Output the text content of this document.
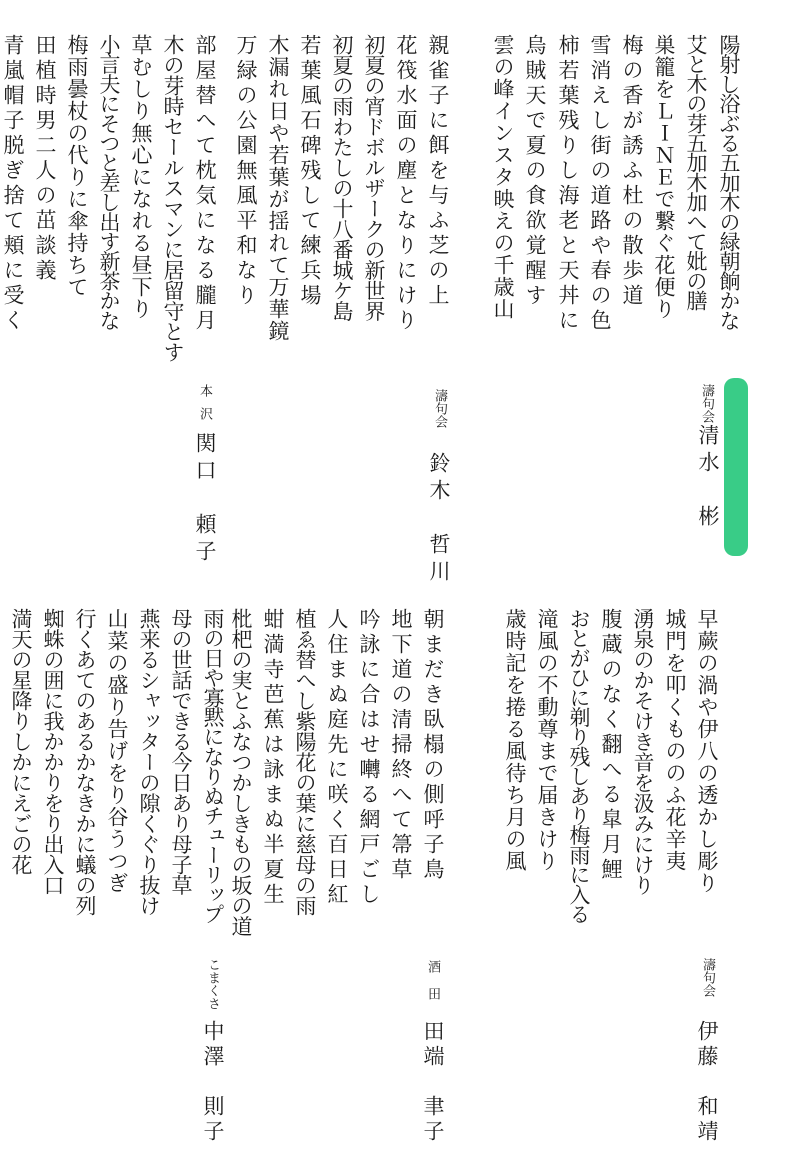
陽射し浴ぶる五加木の緑朝餉かな
艾と木の芽五加木加へて妣の膳
巣籠をＬＩＮＥで繋ぐ花便り
梅の香が誘ふ杜の散歩道
雪消えし街の道路や春の色
柿若葉残りし海老と天丼に
烏賊天で夏の食欲覚醒す
雲の峰インスタ映えの千歳山
濤句会
清水　彬
親雀子に餌を与ふ芝の上
花筏水面の塵となりにけり
初夏の宵ドボルザークの新世界
初夏の雨わたしの十八番城ケ島
若葉風石碑残して練兵場
木漏れ日や若葉が揺れて万華鏡
万緑の公園無風平和なり
濤句会
鈴木　哲川
部屋替へて枕気になる朧月
木の芽時セールスマンに居留守とす
草むしり無心になれる昼下り
小言夫にそつと差し出す新茶かな
梅雨曇杖の代りに傘持ちて
田植時男二人の茁談義
青嵐帽子脱ぎ捨て頬に受く
本沢
関口　頼子
早蕨の渦や伊八の透かし彫り
城門を叩くもののふ花辛夷
湧泉のかそけき音を汲みにけり
腹蔵のなく翻へる皐月鯉
おとがひに剃り残しあり梅雨に入る
滝風の不動尊まで届きけり
歳時記を捲る風待ち月の風
濤句会
伊藤　和靖
朝まだき臥榻の側呼子鳥
地下道の清掃終へて箒草
吟詠に合はせ囀る網戸ごし
人住まぬ庭先に咲く百日紅
植ゑ替へし紫陽花の葉に慈母の雨
蚶満寺芭蕉は詠まぬ半夏生
枇杷の実とふなつかしきもの坂の道
酒田
田端　聿子
雨の日や寡黙になりぬチューリップ
母の世話できる今日あり母子草
燕来るシャッターの隙くぐり抜け
山菜の盛り告げをり谷うつぎ
行くあてのあるかなきかに蟻の列
蜘蛛の囲に我かかりをり出入口
満天の星降りしかにえごの花
こまくさ
中澤　則子
